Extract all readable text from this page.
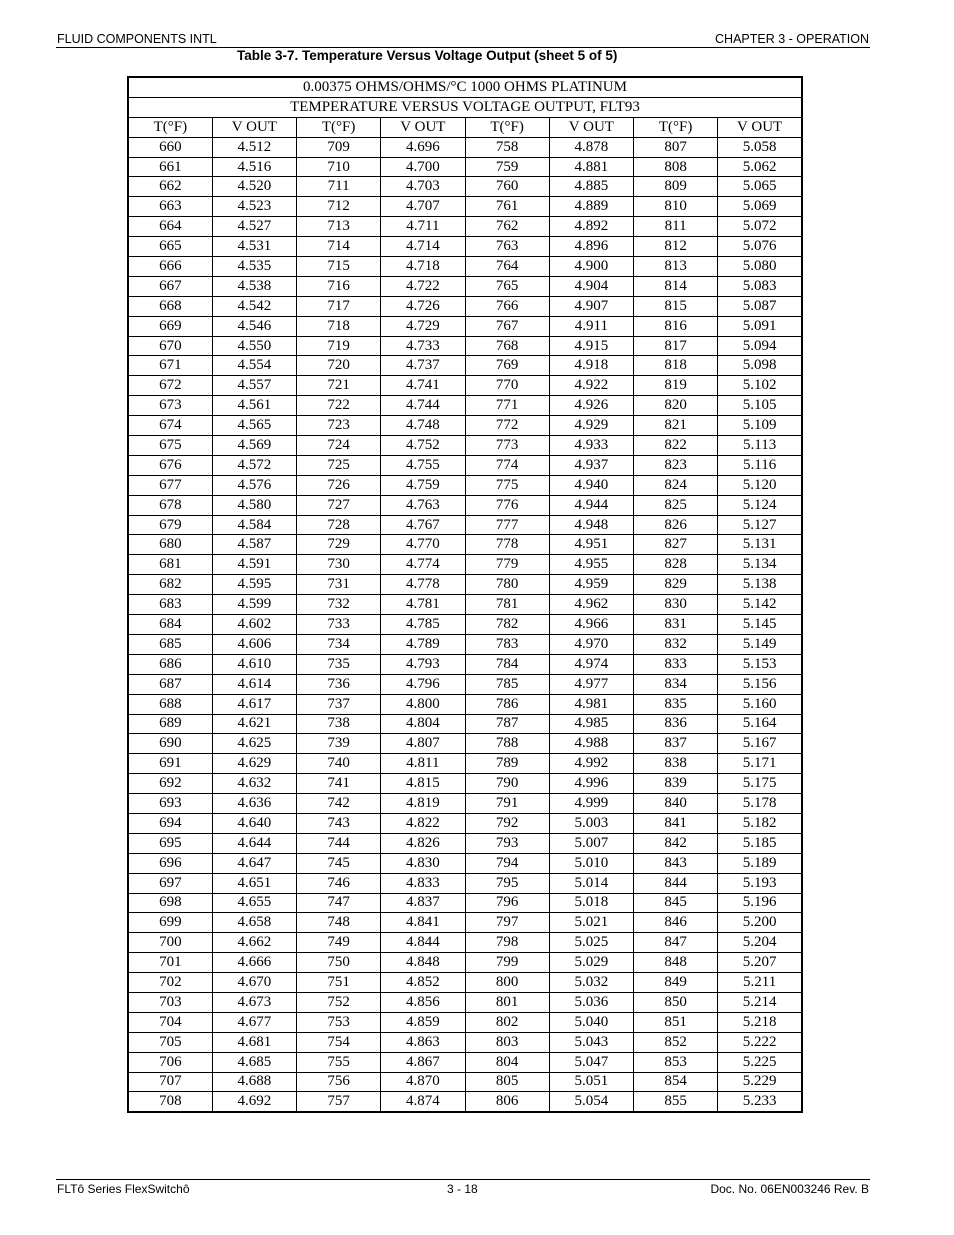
FLUID COMPONENTS INTL	CHAPTER 3 - OPERATION
Table 3-7. Temperature Versus Voltage Output (sheet 5 of 5)
0.00375 OHMS/OHMS/°C 1000 OHMS PLATINUM							
TEMPERATURE VERSUS VOLTAGE OUTPUT, FLT93							
T(°F)	V OUT	T(°F)	V OUT	T(°F)	V OUT	T(°F)	V OUT
660	4.512	709	4.696	758	4.878	807	5.058
661	4.516	710	4.700	759	4.881	808	5.062
662	4.520	711	4.703	760	4.885	809	5.065
663	4.523	712	4.707	761	4.889	810	5.069
664	4.527	713	4.711	762	4.892	811	5.072
665	4.531	714	4.714	763	4.896	812	5.076
666	4.535	715	4.718	764	4.900	813	5.080
667	4.538	716	4.722	765	4.904	814	5.083
668	4.542	717	4.726	766	4.907	815	5.087
669	4.546	718	4.729	767	4.911	816	5.091
670	4.550	719	4.733	768	4.915	817	5.094
671	4.554	720	4.737	769	4.918	818	5.098
672	4.557	721	4.741	770	4.922	819	5.102
673	4.561	722	4.744	771	4.926	820	5.105
674	4.565	723	4.748	772	4.929	821	5.109
675	4.569	724	4.752	773	4.933	822	5.113
676	4.572	725	4.755	774	4.937	823	5.116
677	4.576	726	4.759	775	4.940	824	5.120
678	4.580	727	4.763	776	4.944	825	5.124
679	4.584	728	4.767	777	4.948	826	5.127
680	4.587	729	4.770	778	4.951	827	5.131
681	4.591	730	4.774	779	4.955	828	5.134
682	4.595	731	4.778	780	4.959	829	5.138
683	4.599	732	4.781	781	4.962	830	5.142
684	4.602	733	4.785	782	4.966	831	5.145
685	4.606	734	4.789	783	4.970	832	5.149
686	4.610	735	4.793	784	4.974	833	5.153
687	4.614	736	4.796	785	4.977	834	5.156
688	4.617	737	4.800	786	4.981	835	5.160
689	4.621	738	4.804	787	4.985	836	5.164
690	4.625	739	4.807	788	4.988	837	5.167
691	4.629	740	4.811	789	4.992	838	5.171
692	4.632	741	4.815	790	4.996	839	5.175
693	4.636	742	4.819	791	4.999	840	5.178
694	4.640	743	4.822	792	5.003	841	5.182
695	4.644	744	4.826	793	5.007	842	5.185
696	4.647	745	4.830	794	5.010	843	5.189
697	4.651	746	4.833	795	5.014	844	5.193
698	4.655	747	4.837	796	5.018	845	5.196
699	4.658	748	4.841	797	5.021	846	5.200
700	4.662	749	4.844	798	5.025	847	5.204
701	4.666	750	4.848	799	5.029	848	5.207
702	4.670	751	4.852	800	5.032	849	5.211
703	4.673	752	4.856	801	5.036	850	5.214
704	4.677	753	4.859	802	5.040	851	5.218
705	4.681	754	4.863	803	5.043	852	5.222
706	4.685	755	4.867	804	5.047	853	5.225
707	4.688	756	4.870	805	5.051	854	5.229
708	4.692	757	4.874	806	5.054	855	5.233
FLTô Series FlexSwitchô	3 - 18	Doc. No. 06EN003246 Rev. B
